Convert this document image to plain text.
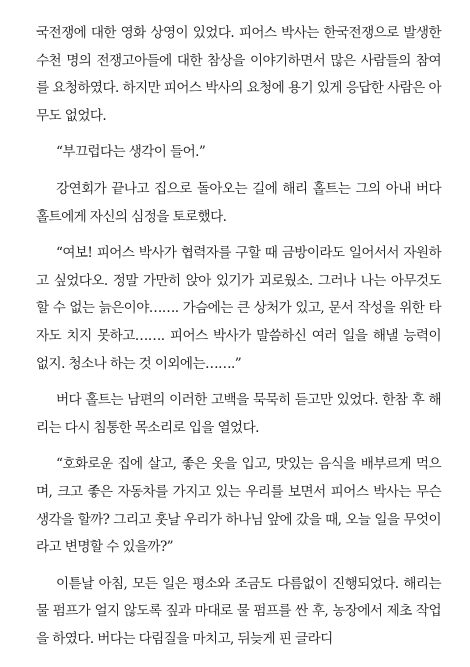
국전쟁에 대한 영화 상영이 있었다. 피어스 박사는 한국전쟁으로 발생한 수천 명의 전쟁고아들에 대한 참상을 이야기하면서 많은 사람들의 참여를 요청하였다. 하지만 피어스 박사의 요청에 용기 있게 응답한 사람은 아무도 없었다.

“부끄럽다는 생각이 들어.”

강연회가 끝나고 집으로 돌아오는 길에 해리 홀트는 그의 아내 버다 홀트에게 자신의 심정을 토로했다.

“여보! 피어스 박사가 협력자를 구할 때 금방이라도 일어서서 자원하고 싶었다오. 정말 가만히 앉아 있기가 괴로웠소. 그러나 나는 아무것도 할 수 없는 늙은이야……. 가슴에는 큰 상처가 있고, 문서 작성을 위한 타자도 치지 못하고……. 피어스 박사가 말씀하신 여러 일을 해낼 능력이 없지. 청소나 하는 것 이외에는…….”

버다 홀트는 남편의 이러한 고백을 묵묵히 듣고만 있었다. 한참 후 해리는 다시 침통한 목소리로 입을 열었다.

“호화로운 집에 살고, 좋은 옷을 입고, 맛있는 음식을 배부르게 먹으며, 크고 좋은 자동차를 가지고 있는 우리를 보면서 피어스 박사는 무슨 생각을 할까? 그리고 훗날 우리가 하나님 앞에 갔을 때, 오늘 일을 무엇이라고 변명할 수 있을까?”

이튿날 아침, 모든 일은 평소와 조금도 다름없이 진행되었다. 해리는 물 펌프가 얼지 않도록 짚과 마대로 물 펌프를 싼 후, 농장에서 제초 작업을 하였다. 버다는 다림질을 마치고, 뒤늦게 핀 글라디
